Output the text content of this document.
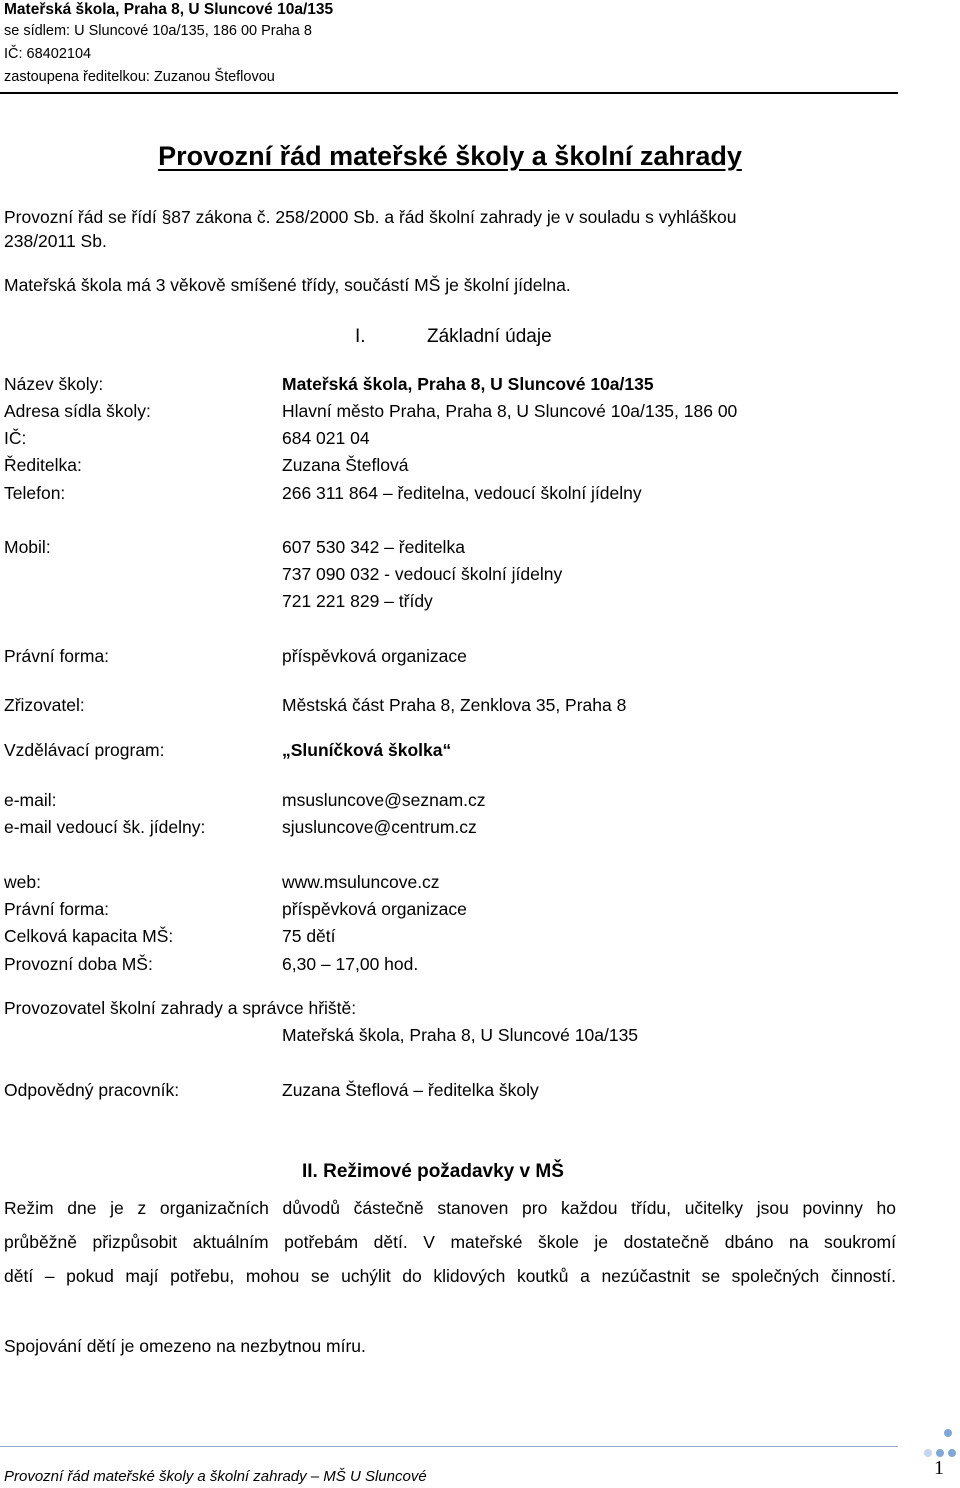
Mateřská škola, Praha 8, U Sluncové 10a/135
se sídlem: U Sluncové 10a/135, 186 00 Praha 8
IČ: 68402104
zastoupena ředitelkou: Zuzanou Šteflovou
Provozní řád mateřské školy a školní zahrady
Provozní řád se řídí §87 zákona č. 258/2000 Sb. a řád školní zahrady je v souladu s vyhláškou
238/2011 Sb.
Mateřská škola má 3 věkově smíšené třídy, součástí MŠ je školní jídelna.
I.	Základní údaje
Název školy:	Mateřská škola, Praha 8, U Sluncové 10a/135
Adresa sídla školy:	Hlavní město Praha, Praha 8, U Sluncové 10a/135, 186 00
IČ:	684 021 04
Ředitelka:	Zuzana Šteflová
Telefon:	266 311 864 – ředitelna, vedoucí školní jídelny
Mobil:	607 530 342 – ředitelka
737 090 032 - vedoucí školní jídelny
721 221 829 – třídy
Právní forma:	příspěvková organizace
Zřizovatel:	Městská část Praha 8, Zenklova 35, Praha 8
Vzdělávací program:	„Sluníčková školka“
e-mail:	msusluncove@seznam.cz
e-mail vedoucí šk. jídelny:	sjusluncove@centrum.cz
web:	www.msuluncove.cz
Právní forma:	příspěvková organizace
Celková kapacita MŠ:	75 dětí
Provozní doba MŠ:	6,30 – 17,00 hod.
Provozovatel školní zahrady a správce hřiště:
Mateřská škola, Praha 8, U Sluncové 10a/135
Odpovědný pracovník:	Zuzana Šteflová – ředitelka školy
II. Režimové požadavky v MŠ
Režim dne je z organizačních důvodů částečně stanoven pro každou třídu, učitelky jsou povinny ho
průběžně přizpůsobit aktuálním potřebám dětí. V mateřské škole je dostatečně dbáno na soukromí
dětí – pokud mají potřebu, mohou se uchýlit do klidových koutků a nezúčastnit se společných činností.
Spojování dětí je omezeno na nezbytnou míru.
Provozní řád mateřské školy a školní zahrady – MŠ U Sluncové	1
